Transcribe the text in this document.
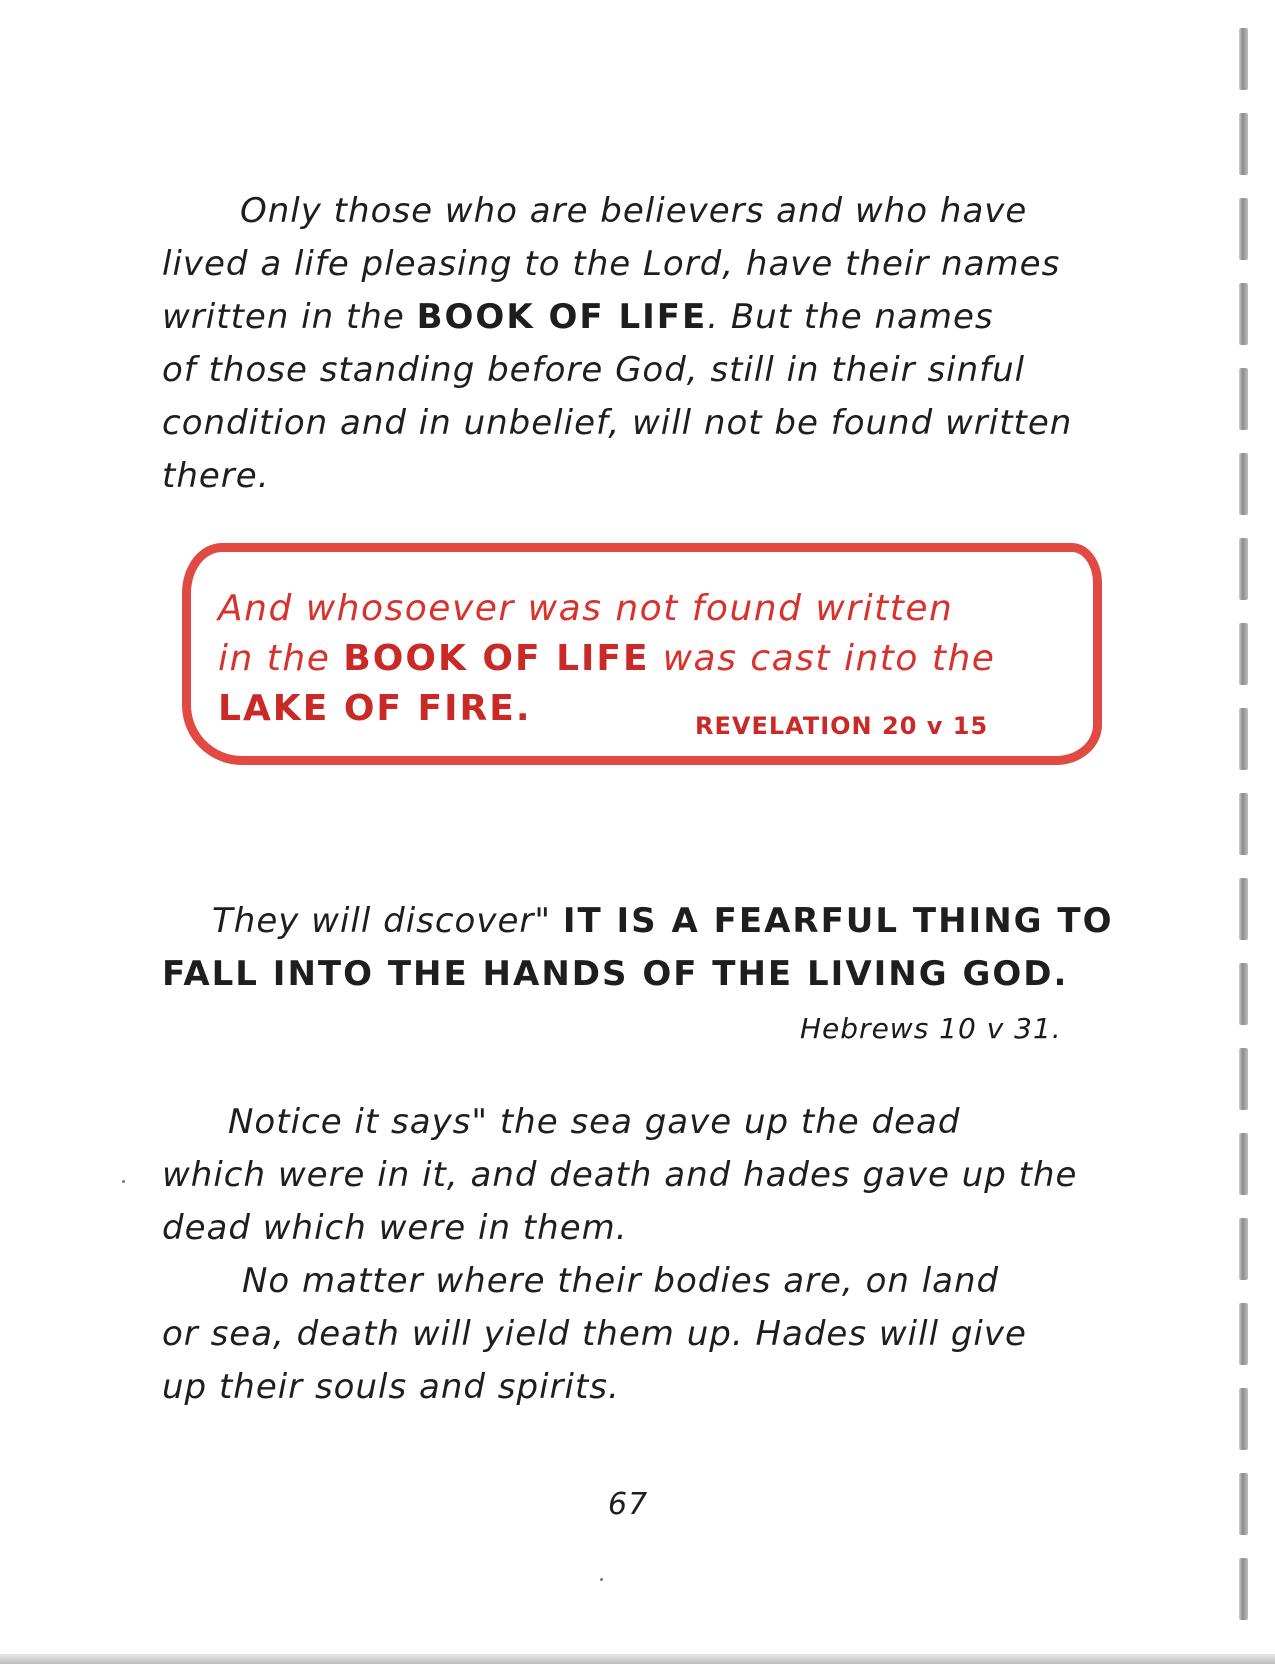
Only those who are believers and who have
lived a life pleasing to the Lord, have their names
written in the BOOK OF LIFE. But the names
of those standing before God, still in their sinful
condition and in unbelief, will not be found written
there.
And whosoever was not found written
in the BOOK OF LIFE was cast into the
LAKE OF FIRE.	REVELATION 20 v 15
They will discover" IT IS A FEARFUL THING TO
FALL INTO THE HANDS OF THE LIVING GOD.
Hebrews 10 v 31.
Notice it says" the sea gave up the dead
which were in it, and death and hades gave up the
dead which were in them.
No matter where their bodies are, on land
or sea, death will yield them up. Hades will give
up their souls and spirits.
67
